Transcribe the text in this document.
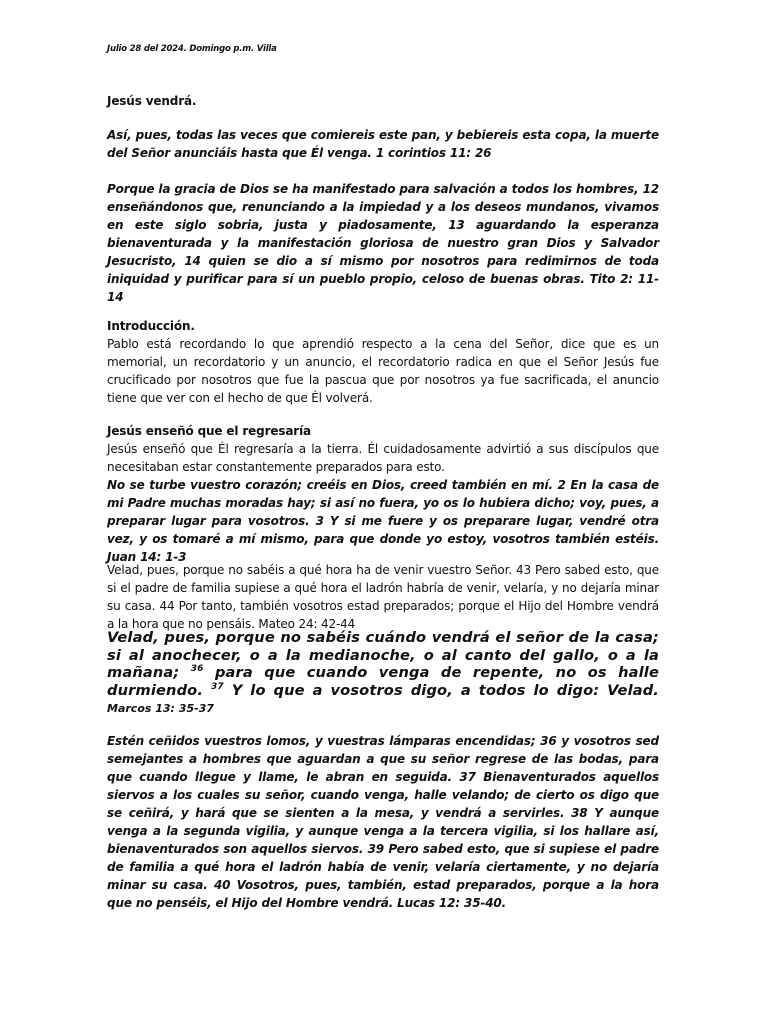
Julio 28 del 2024. Domingo p.m. Villa

Jesús vendrá.

Así, pues, todas las veces que comiereis este pan, y bebiereis esta copa, la muerte del Señor anunciáis hasta que Él venga. 1 corintios 11: 26

Porque la gracia de Dios se ha manifestado para salvación a todos los hombres, 12 enseñándonos que, renunciando a la impiedad y a los deseos mundanos, vivamos en este siglo sobria, justa y piadosamente, 13 aguardando la esperanza bienaventurada y la manifestación gloriosa de nuestro gran Dios y Salvador Jesucristo, 14 quien se dio a sí mismo por nosotros para redimirnos de toda iniquidad y purificar para sí un pueblo propio, celoso de buenas obras. Tito 2: 11-14

Introducción.

Pablo está recordando lo que aprendió respecto a la cena del Señor, dice que es un memorial, un recordatorio y un anuncio, el recordatorio radica en que el Señor Jesús fue crucificado por nosotros que fue la pascua que por nosotros ya fue sacrificada, el anuncio tiene que ver con el hecho de que Él volverá.

Jesús enseñó que el regresaría

Jesús enseñó que Él regresaría a la tierra. Él cuidadosamente advirtió a sus discípulos que necesitaban estar constantemente preparados para esto.

No se turbe vuestro corazón; creéis en Dios, creed también en mí. 2 En la casa de mi Padre muchas moradas hay; si así no fuera, yo os lo hubiera dicho; voy, pues, a preparar lugar para vosotros. 3 Y si me fuere y os preparare lugar, vendré otra vez, y os tomaré a mí mismo, para que donde yo estoy, vosotros también estéis. Juan 14: 1-3

Velad, pues, porque no sabéis a qué hora ha de venir vuestro Señor. 43 Pero sabed esto, que si el padre de familia supiese a qué hora el ladrón habría de venir, velaría, y no dejaría minar su casa. 44 Por tanto, también vosotros estad preparados; porque el Hijo del Hombre vendrá a la hora que no pensáis. Mateo 24: 42-44

Velad, pues, porque no sabéis cuándo vendrá el señor de la casa; si al anochecer, o a la medianoche, o al canto del gallo, o a la mañana; $^{36}$ para que cuando venga de repente, no os halle durmiendo. $^{37}$ Y lo que a vosotros digo, a todos lo digo: Velad. Marcos 13: 35-37

Estén ceñidos vuestros lomos, y vuestras lámparas encendidas; 36 y vosotros sed semejantes a hombres que aguardan a que su señor regrese de las bodas, para que cuando llegue y llame, le abran en seguida. 37 Bienaventurados aquellos siervos a los cuales su señor, cuando venga, halle velando; de cierto os digo que se ceñirá, y hará que se sienten a la mesa, y vendrá a servirles. 38 Y aunque venga a la segunda vigilia, y aunque venga a la tercera vigilia, si los hallare así, bienaventurados son aquellos siervos. 39 Pero sabed esto, que si supiese el padre de familia a qué hora el ladrón había de venir, velaría ciertamente, y no dejaría minar su casa. 40 Vosotros, pues, también, estad preparados, porque a la hora que no penséis, el Hijo del Hombre vendrá. Lucas 12: 35-40.
